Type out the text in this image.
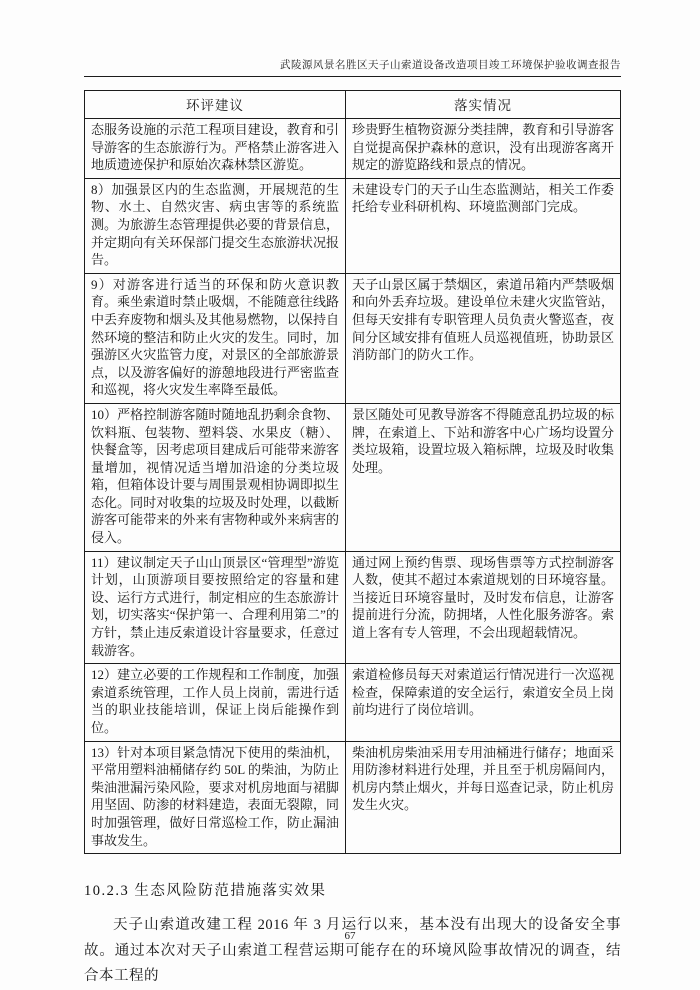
武陵源风景名胜区天子山索道设备改造项目竣工环境保护验收调查报告
环评建议	落实情况
态服务设施的示范工程项目建设，教育和引导游客的生态旅游行为。严格禁止游客进入地质遗迹保护和原始次森林禁区游览。	珍贵野生植物资源分类挂牌，教育和引导游客自觉提高保护森林的意识，没有出现游客离开规定的游览路线和景点的情况。
8）加强景区内的生态监测，开展规范的生物、水土、自然灾害、病虫害等的系统监测。为旅游生态管理提供必要的背景信息，并定期向有关环保部门提交生态旅游状况报告。	未建设专门的天子山生态监测站，相关工作委托给专业科研机构、环境监测部门完成。
9）对游客进行适当的环保和防火意识教育。乘坐索道时禁止吸烟，不能随意往线路中丢弃废物和烟头及其他易燃物，以保持自然环境的整洁和防止火灾的发生。同时，加强游区火灾监管力度，对景区的全部旅游景点，以及游客偏好的游憩地段进行严密监查和巡视，将火灾发生率降至最低。	天子山景区属于禁烟区，索道吊箱内严禁吸烟和向外丢弃垃圾。建设单位未建火灾监管站，但每天安排有专职管理人员负责火警巡查，夜间分区域安排有值班人员巡视值班，协助景区消防部门的防火工作。
10）严格控制游客随时随地乱扔剩余食物、饮料瓶、包装物、塑料袋、水果皮（糖）、快餐盒等，因考虑项目建成后可能带来游客量增加，视情况适当增加沿途的分类垃圾箱，但箱体设计要与周围景观相协调即拟生态化。同时对收集的垃圾及时处理，以截断游客可能带来的外来有害物种或外来病害的侵入。	景区随处可见教导游客不得随意乱扔垃圾的标牌，在索道上、下站和游客中心广场均设置分类垃圾箱，设置垃圾入箱标牌，垃圾及时收集处理。
11）建议制定天子山山顶景区“管理型”游览计划，山顶游项目要按照给定的容量和建设、运行方式进行，制定相应的生态旅游计划，切实落实“保护第一、合理利用第二”的方针，禁止违反索道设计容量要求，任意过载游客。	通过网上预约售票、现场售票等方式控制游客人数，使其不超过本索道规划的日环境容量。当接近日环境容量时，及时发布信息，让游客提前进行分流，防拥堵，人性化服务游客。索道上客有专人管理，不会出现超载情况。
12）建立必要的工作规程和工作制度，加强索道系统管理，工作人员上岗前，需进行适当的职业技能培训，保证上岗后能操作到位。	索道检修员每天对索道运行情况进行一次巡视检查，保障索道的安全运行，索道安全员上岗前均进行了岗位培训。
13）针对本项目紧急情况下使用的柴油机，平常用塑料油桶储存约 50L 的柴油，为防止柴油泄漏污染风险，要求对机房地面与裙脚用坚固、防渗的材料建造，表面无裂隙，同时加强管理，做好日常巡检工作，防止漏油事故发生。	柴油机房柴油采用专用油桶进行储存；地面采用防渗材料进行处理，并且至于机房隔间内，机房内禁止烟火，并每日巡查记录，防止机房发生火灾。
10.2.3 生态风险防范措施落实效果

天子山索道改建工程 2016 年 3 月运行以来，基本没有出现大的设备安全事故。通过本次对天子山索道工程营运期可能存在的环境风险事故情况的调查，结合本工程的

67
